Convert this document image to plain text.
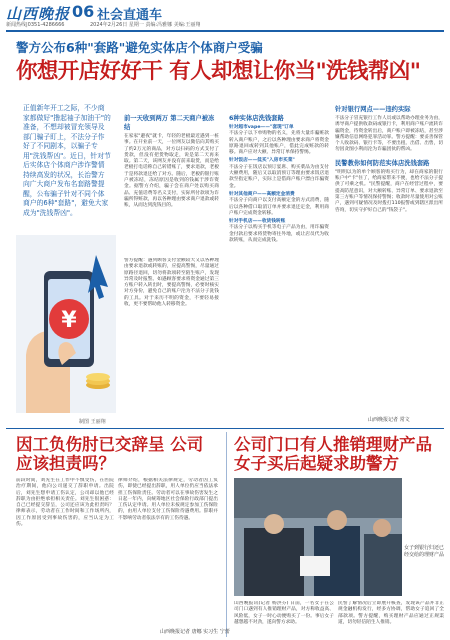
山西晚报 06 社会直通车
新闻热线|0351-4286666	2024年2月26日 星期一 责编:冯雅娜 美编:王丽翔
警方公布6种"套路"避免实体店个体商户受骗
你想开店好好干 有人却想让你当"洗钱帮凶"
正值新年开工之际，不少商家都做好"撸起袖子加油干"的准备，不想却被冒充领导及部门骗子盯上，不法分子作好了不同剧本，以骗子专用"洗钱帮凶"。近日，针对节后实体店个体商户涉诈警情持续高发的状况，长治警方向广大商户发布名套路警提醒，公布骗子针对不同个体商户的6种"套路"，避免大家成为"洗钱帮凶"。
前一天收到两万 第二天商户被冻结
在家家"避夜"就卡，年轻的老板最近遇到一桩事。在开业前一天，一位网友以微信向其购买了约2万元的商品，对方以扫码的方式支付了货款，但没有把货物取走，说是第二天再来取。第二天，该网友并没有前来取货，而是给老板打电话称自己转错账了，要求退款，老板于是将款退还给了对方。随后，老板的银行账户被冻结，冻结原因是收到的钱属于涉诈资金。据警方介绍，骗子会在商户处以购买商品、充值话费等名义支付，实际所付款项为诈骗所得赃款，再以各种理由要求商户退款或转账，从而达到洗钱目的。
警方提醒：遇到顾客支付金额较大又以各种理由要求退款或转账的，应提高警惕，尽量通过原路径退回，切勿将款项转至陌生账户，发现异常及时报警。如遇顾客要求将资金通过第三方账户转入转出时，要提高警惕，必要时核实对方身份，避免自己的账户沦为不法分子洗钱的工具。对于来历不明的资金，不要轻易接收，更不要帮助他人转移资金。
6种实体店洗钱套路
针对超市vape——"套现"订单
不法分子以下单购物的名义，先将大量诈骗赃款转入商户账户，之后以各种理由要求商户将资金原路退回或转到其他账户，借此完成赃款的转移。商户应对大额、异常订单保持警惕。
针对饭店——低买"入房市买菜"
不法分子在饭店以预订宴席、购买菜品为由支付大额费用，随后又以取消预订等理由要求饭店退款至指定账户，实际上是借商户账户漂白诈骗资金。
针对其他商户——高额定金消费
不法分子向商户以支付高额定金的方式消费，随后以各种借口取消订单并要求退还定金，利用商户账户完成资金转移。
针对手机店——收货钱转账
不法分子以购买手机等电子产品为由，用诈骗资金付款后要求将货物寄往外地，或让店员代为收款转账，从而完成洗钱。
针对银行网点——违约实际
不法分子冒充银行工作人员或以帮助办理业务为由，诱导商户提供收款码或银行卡，利用商户账户流转诈骗资金，待资金转出后，商户账户即被冻结，甚至涉嫌帮助信息网络犯罪活动罪。警方提醒：要妥善保管个人收款码、银行卡等，不要出租、出借、出售，切勿因贪图小利而沦为诈骗团伙的帮凶。
民警教你如何防范实体店洗钱套路
"明明以为的单个顾客的购买行为，却在商家的银行账户中"卡"住了，给商家带来不便，也给不法分子提供了可乘之机。"民警提醒，商户在经营过程中，要提高防范意识，对大额转账、异常订单、要求退款至第三方账户等情况保持警惕；收款时尽量使用对公账户，遇到可疑情况及时拨打110报警或到辖区派出所咨询，切实守护好自己的"钱袋子"。
¥
制图 王丽翔	山西晚报记者 常文
因工负伤肘已交辞呈 公司应该担责吗？
前段时间，刘先生在工作中不慎受伤，在医院治疗期间，他向公司递交了辞职申请。出院后，刘先生想申请工伤认定，公司却以他已经辞职为由拒绝承担相关责任。刘先生很困惑：自己已经提交辞呈，公司还应该为此担责吗？律师表示，劳动者在工作时间和工作场所内，因工作原因受到事故伤害的，应当认定为工伤。
律师介绍，根据相关法律规定，劳动者因工负伤，即使已经提出辞职，用人单位仍应当依法承担工伤保险责任。劳动者可以在事故伤害发生之日起一年内，向统筹地区社会保险行政部门提出工伤认定申请。用人单位未按规定参加工伤保险的，由用人单位支付工伤保险待遇费用。辞职并不影响劳动者依法享有的工伤待遇。
山西晚报记者 唐娜 实习生 宁蕾
公司门口有人推销理财产品 女子买后起疑求助警方
女子到银行归还已经交给的理财产品
山西晚报讯(记者 杨洪芬) 日前，一名女子在公司门口遇到有人推销理财产品，对方称收益高、风险低，女子一时心动便购买了一份。事后女子越想越不对劲，遂向警方求助。
民警了解情况后立即展开核查，发现该产品并非正规金融机构发行，经多方协调，帮助女子追回了全部款项。警方提醒，购买理财产品应通过正规渠道，切勿轻信陌生人推销。
